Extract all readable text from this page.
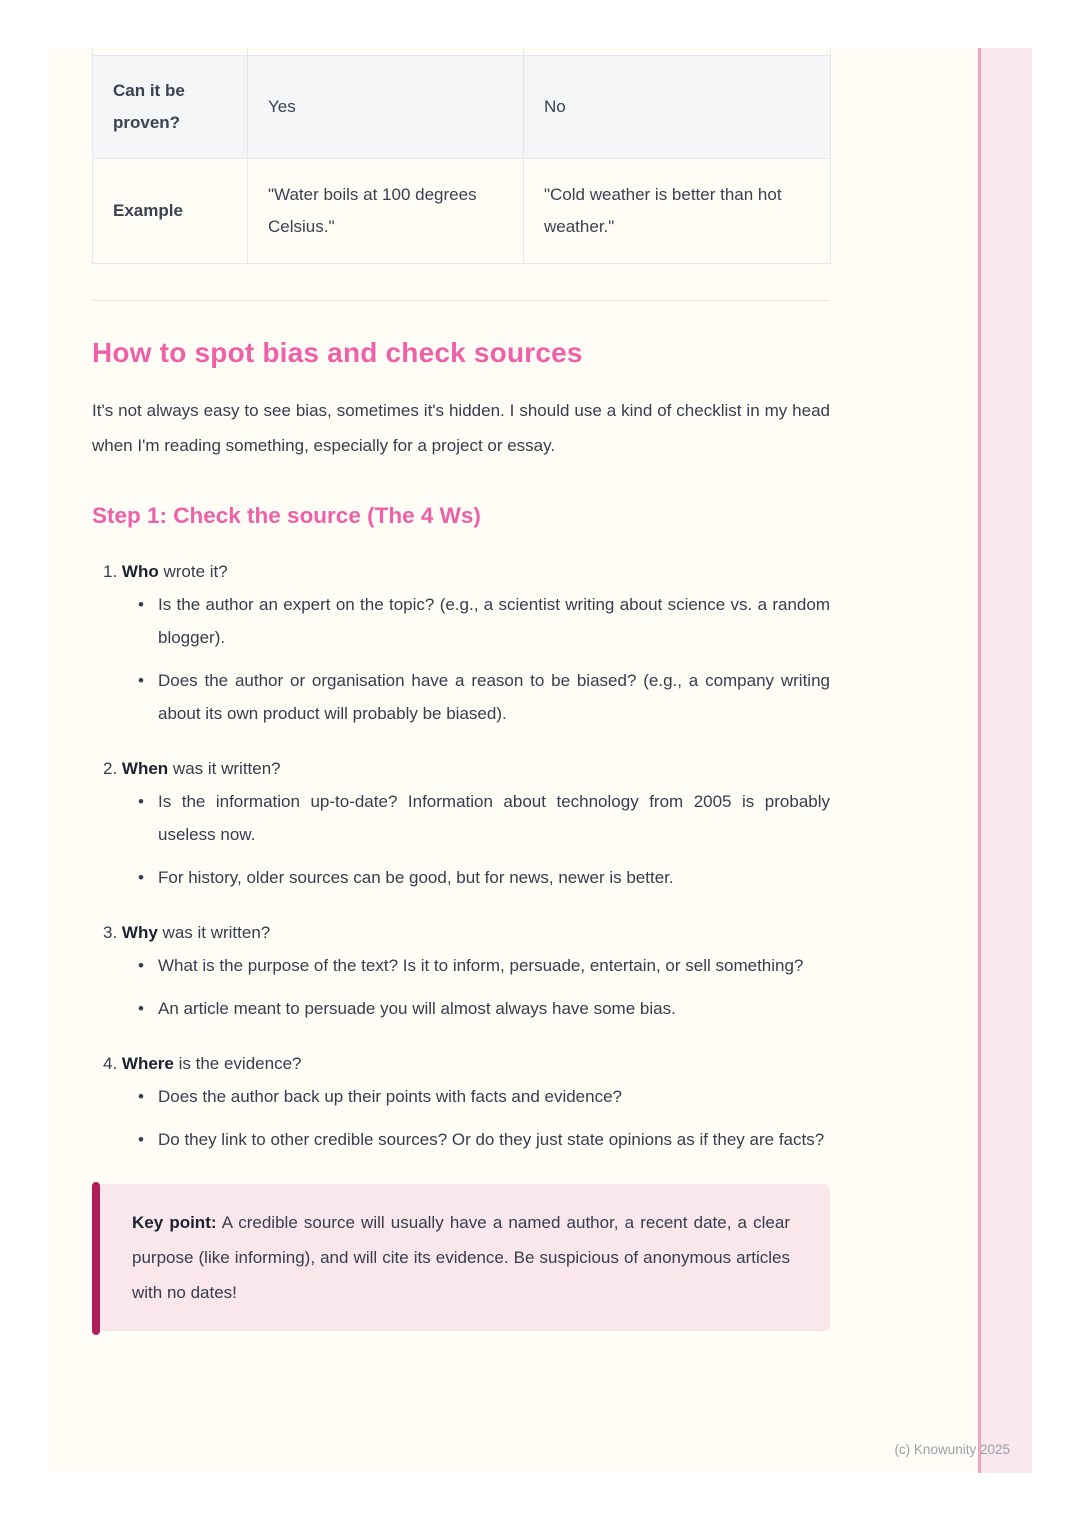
Can it be proven?	Yes	No
Example	"Water boils at 100 degrees Celsius."	"Cold weather is better than hot weather."
How to spot bias and check sources

It's not always easy to see bias, sometimes it's hidden. I should use a kind of checklist in my head when I'm reading something, especially for a project or essay.

Step 1: Check the source (The 4 Ws)
1. Who wrote it?
• Is the author an expert on the topic? (e.g., a scientist writing about science vs. a random blogger).
• Does the author or organisation have a reason to be biased? (e.g., a company writing about its own product will probably be biased).
2. When was it written?
• Is the information up-to-date? Information about technology from 2005 is probably useless now.
• For history, older sources can be good, but for news, newer is better.
3. Why was it written?
• What is the purpose of the text? Is it to inform, persuade, entertain, or sell something?
• An article meant to persuade you will almost always have some bias.
4. Where is the evidence?
• Does the author back up their points with facts and evidence?
• Do they link to other credible sources? Or do they just state opinions as if they are facts?
Key point: A credible source will usually have a named author, a recent date, a clear purpose (like informing), and will cite its evidence. Be suspicious of anonymous articles with no dates!
(c) Knowunity 2025
